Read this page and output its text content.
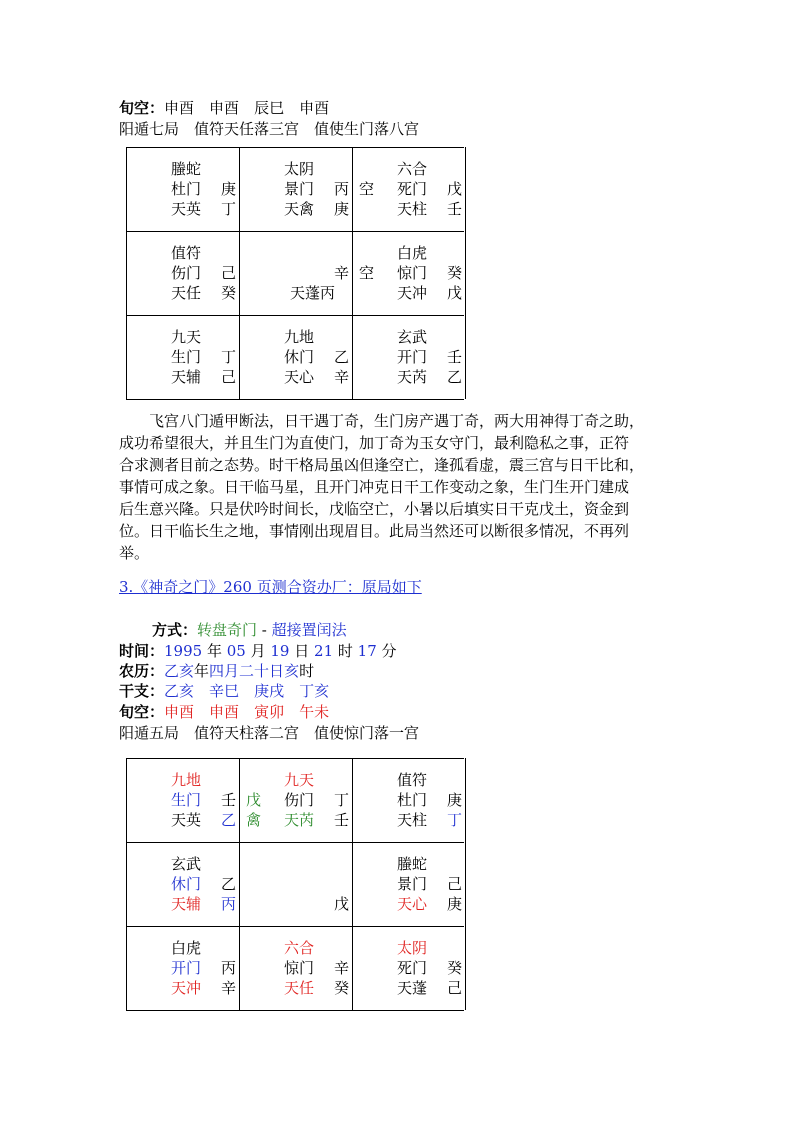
旬空：申酉　 申酉　 辰巳　 申酉
阳遁七局　值符天任落三宫　值使生门落八宫
螣蛇
杜门 庚
天英 丁
太阴
景门 丙
天禽 庚
六合
死门 戊
天柱 壬
空
值符
伤门 己
天任 癸
辛
天蓬丙
白虎
惊门 癸
天冲 戊
空
九天
生门 丁
天辅 己
九地
休门 乙
天心 辛
玄武
开门 壬
天芮 乙

　　飞宫八门遁甲断法，日干遇丁奇，生门房产遇丁奇，两大用神得丁奇之助，

成功希望很大，并且生门为直使门，加丁奇为玉女守门，最利隐私之事，正符

合求测者目前之态势。时干格局虽凶但逢空亡，逢孤看虚，震三宫与日干比和，

事情可成之象。日干临马星，且开门冲克日干工作变动之象，生门生开门建成

后生意兴隆。只是伏吟时间长，戊临空亡，小暑以后填实日干克戊土，资金到

位。日干临长生之地，事情刚出现眉目。此局当然还可以断很多情况，不再列

举。

3.《神奇之门》260 页测合资办厂：原局如下
方式：转盘奇门 - 超接置闰法
时间：1995 年 05 月 19 日 21 时 17 分
农历：乙亥年四月二十日亥时
干支：乙亥　 辛巳　 庚戌　 丁亥
旬空：申酉　 申酉　 寅卯　 午未
阳遁五局　值符天柱落二宫　值使惊门落一宫
九地
生门 壬
天英 乙
九天
伤门 丁
天芮 壬
戊
禽
值符
杜门 庚
天柱 丁
玄武
休门 乙
天辅 丙	戊
螣蛇
景门 己
天心 庚
白虎
开门 丙
天冲 辛
六合
惊门 辛
天任 癸
太阴
死门 癸
天蓬 己
